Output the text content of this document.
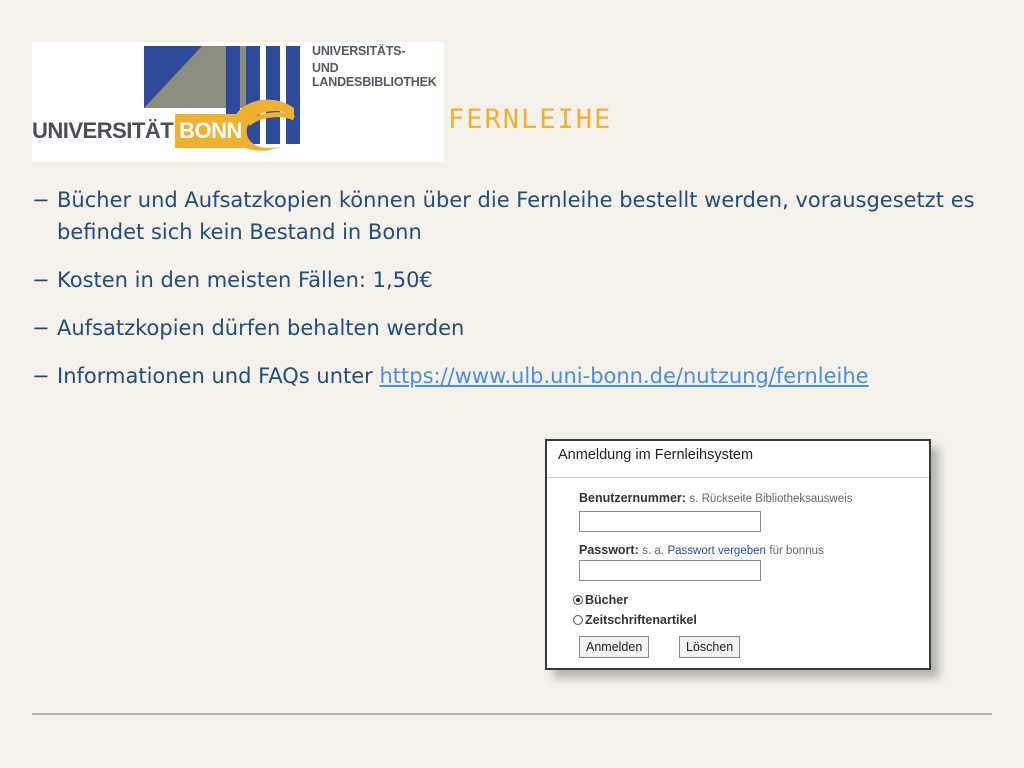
UNIVERSITÄT BONN
UNIVERSITÄTS-
UND LANDESBIBLIOTHEK
FERNLEIHE
− Bücher und Aufsatzkopien können über die Fernleihe bestellt werden, vorausgesetzt es befindet sich kein Bestand in Bonn
− Kosten in den meisten Fällen: 1,50€
− Aufsatzkopien dürfen behalten werden
− Informationen und FAQs unter https://www.ulb.uni-bonn.de/nutzung/fernleihe
Anmeldung im Fernleihsystem
Benutzernummer: s. Rückseite Bibliotheksausweis
Passwort: s. a. Passwort vergeben für bonnus
Bücher
Zeitschriftenartikel
Anmelden	Löschen
